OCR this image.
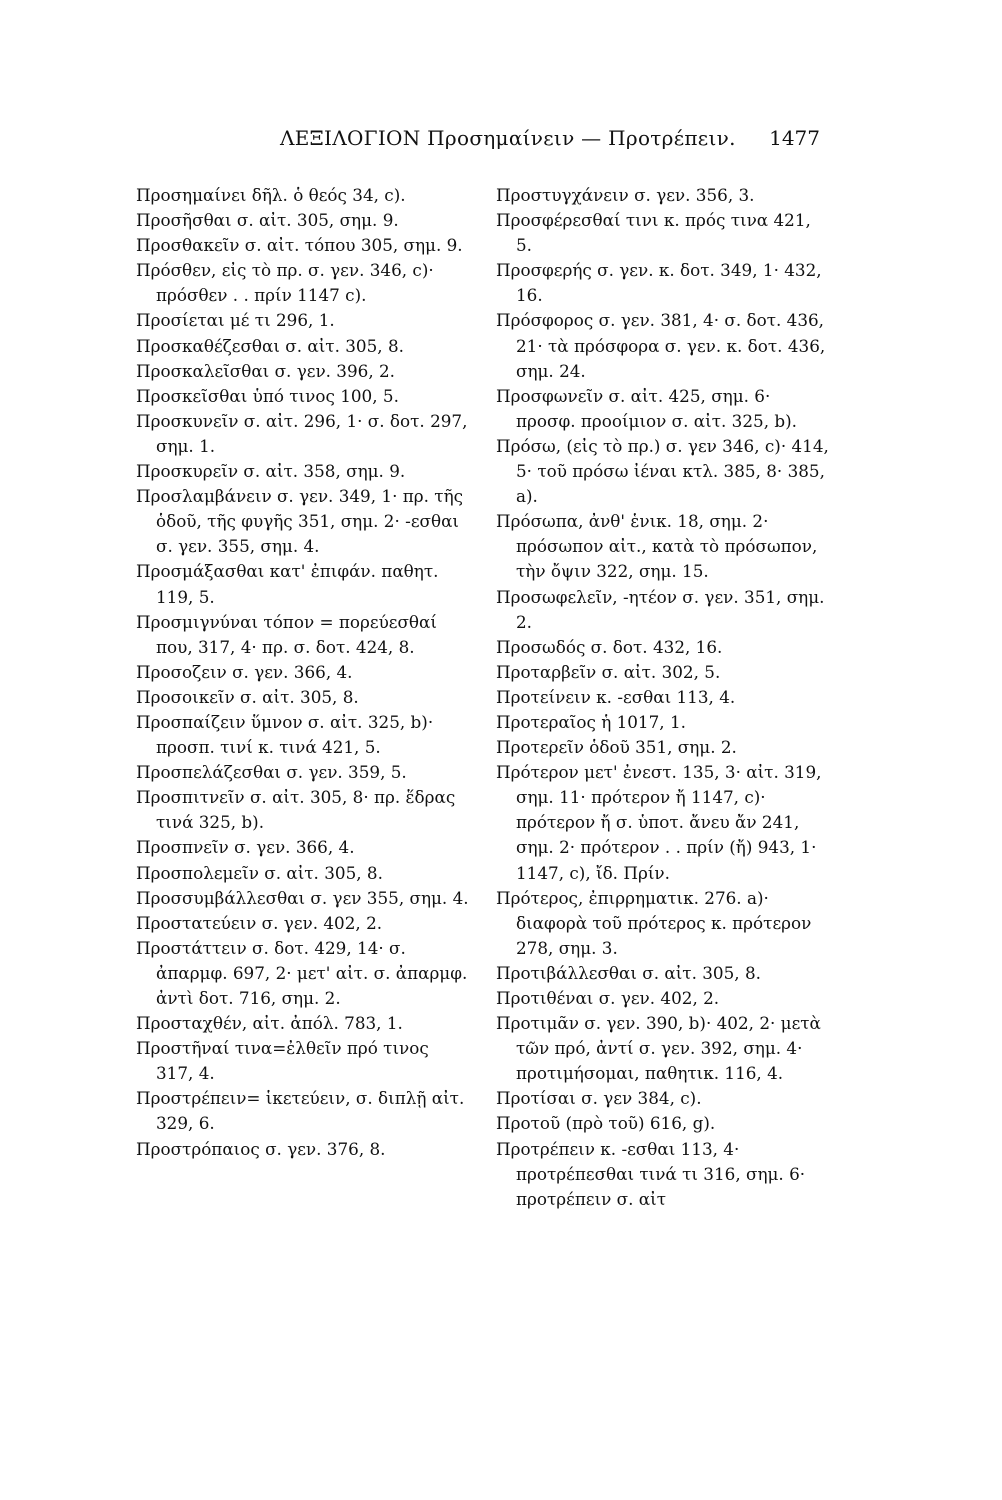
ΛΕΞΙΛΟΓΙΟΝ Προσημαίνειν — Προτρέπειν. 1477

Προσημαίνει δῆλ. ὁ θεός 34, c).

Προσῆσθαι σ. αἰτ. 305, σημ. 9.

Προσθακεῖν σ. αἰτ. τόπου 305, σημ. 9.

Πρόσθεν, εἰς τὸ πρ. σ. γεν. 346, c)· πρόσθεν . . πρίν 1147 c).

Προσίεται μέ τι 296, 1.

Προσκαθέζεσθαι σ. αἰτ. 305, 8.

Προσκαλεῖσθαι σ. γεν. 396, 2.

Προσκεῖσθαι ὑπό τινος 100, 5.

Προσκυνεῖν σ. αἰτ. 296, 1· σ. δοτ. 297, σημ. 1.

Προσκυρεῖν σ. αἰτ. 358, σημ. 9.

Προσλαμβάνειν σ. γεν. 349, 1· πρ. τῆς ὁδοῦ, τῆς φυγῆς 351, σημ. 2· -εσθαι σ. γεν. 355, σημ. 4.

Προσμάξασθαι κατ' ἐπιφάν. παθητ. 119, 5.

Προσμιγνύναι τόπον = πορεύεσθαί που, 317, 4· πρ. σ. δοτ. 424, 8.

Προσοζειν σ. γεν. 366, 4.

Προσοικεῖν σ. αἰτ. 305, 8.

Προσπαίζειν ὕμνον σ. αἰτ. 325, b)· προσπ. τινί κ. τινά 421, 5.

Προσπελάζεσθαι σ. γεν. 359, 5.

Προσπιτνεῖν σ. αἰτ. 305, 8· πρ. ἕδρας τινά 325, b).

Προσπνεῖν σ. γεν. 366, 4.

Προσπολεμεῖν σ. αἰτ. 305, 8.

Προσσυμβάλλεσθαι σ. γεν 355, σημ. 4.

Προστατεύειν σ. γεν. 402, 2.

Προστάττειν σ. δοτ. 429, 14· σ. ἀπαρμφ. 697, 2· μετ' αἰτ. σ. ἀπαρμφ. ἀντὶ δοτ. 716, σημ. 2.

Προσταχθέν, αἰτ. ἀπόλ. 783, 1.

Προστῆναί τινα=ἐλθεῖν πρό τινος 317, 4.

Προστρέπειν= ἱκετεύειν, σ. διπλῇ αἰτ. 329, 6.

Προστρόπαιος σ. γεν. 376, 8.

Προστυγχάνειν σ. γεν. 356, 3.

Προσφέρεσθαί τινι κ. πρός τινα 421, 5.

Προσφερής σ. γεν. κ. δοτ. 349, 1· 432, 16.

Πρόσφορος σ. γεν. 381, 4· σ. δοτ. 436, 21· τὰ πρόσφορα σ. γεν. κ. δοτ. 436, σημ. 24.

Προσφωνεῖν σ. αἰτ. 425, σημ. 6· προσφ. προοίμιον σ. αἰτ. 325, b).

Πρόσω, (εἰς τὸ πρ.) σ. γεν 346, c)· 414, 5· τοῦ πρόσω ἰέναι κτλ. 385, 8· 385, a).

Πρόσωπα, ἀνθ' ἑνικ. 18, σημ. 2· πρόσωπον αἰτ., κατὰ τὸ πρόσωπον, τὴν ὄψιν 322, σημ. 15.

Προσωφελεῖν, -ητέον σ. γεν. 351, σημ. 2.

Προσωδός σ. δοτ. 432, 16.

Προταρβεῖν σ. αἰτ. 302, 5.

Προτείνειν κ. -εσθαι 113, 4.

Προτεραῖος ἡ 1017, 1.

Προτερεῖν ὁδοῦ 351, σημ. 2.

Πρότερον μετ' ἐνεστ. 135, 3· αἰτ. 319, σημ. 11· πρότερον ἤ 1147, c)· πρότερον ἤ σ. ὑποτ. ἄνευ ἄν 241, σημ. 2· πρότερον . . πρίν (ἤ) 943, 1· 1147, c), ἴδ. Πρίν.

Πρότερος, ἐπιρρηματικ. 276. a)· διαφορὰ τοῦ πρότερος κ. πρότερον 278, σημ. 3.

Προτιβάλλεσθαι σ. αἰτ. 305, 8.

Προτιθέναι σ. γεν. 402, 2.

Προτιμᾶν σ. γεν. 390, b)· 402, 2· μετὰ τῶν πρό, ἀντί σ. γεν. 392, σημ. 4· προτιμήσομαι, παθητικ. 116, 4.

Προτίσαι σ. γεν 384, c).

Προτοῦ (πρὸ τοῦ) 616, g).

Προτρέπειν κ. -εσθαι 113, 4· προτρέπεσθαι τινά τι 316, σημ. 6· προτρέπειν σ. αἰτ
